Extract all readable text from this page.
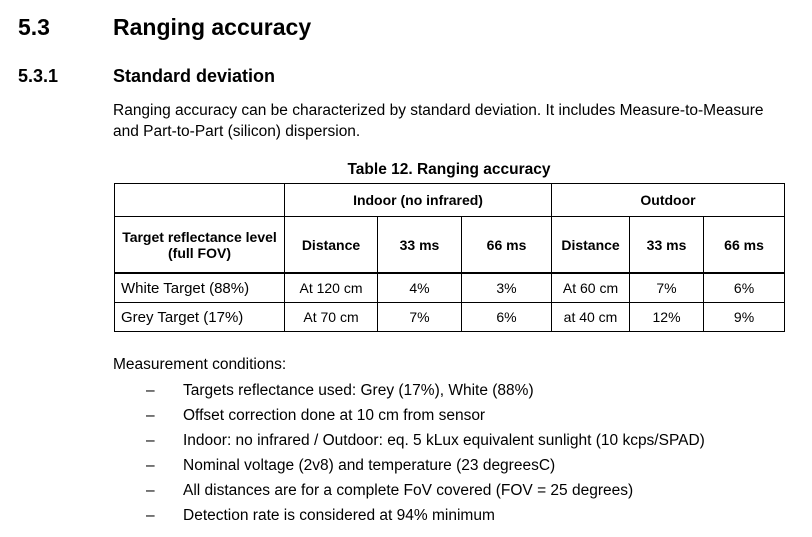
5.3	Ranging accuracy
5.3.1	Standard deviation
Ranging accuracy can be characterized by standard deviation. It includes Measure-to-Measure and Part-to-Part (silicon) dispersion.
Table 12. Ranging accuracy
	Indoor (no infrared)			Outdoor		
Target reflectance level (full FOV)	Distance	33 ms	66 ms	Distance	33 ms	66 ms
White Target (88%)	At 120 cm	4%	3%	At 60 cm	7%	6%
Grey Target (17%)	At 70 cm	7%	6%	at 40 cm	12%	9%
Measurement conditions:
– Targets reflectance used: Grey (17%), White (88%)
– Offset correction done at 10 cm from sensor
– Indoor: no infrared / Outdoor: eq. 5 kLux equivalent sunlight (10 kcps/SPAD)
– Nominal voltage (2v8) and temperature (23 degreesC)
– All distances are for a complete FoV covered (FOV = 25 degrees)
– Detection rate is considered at 94% minimum
